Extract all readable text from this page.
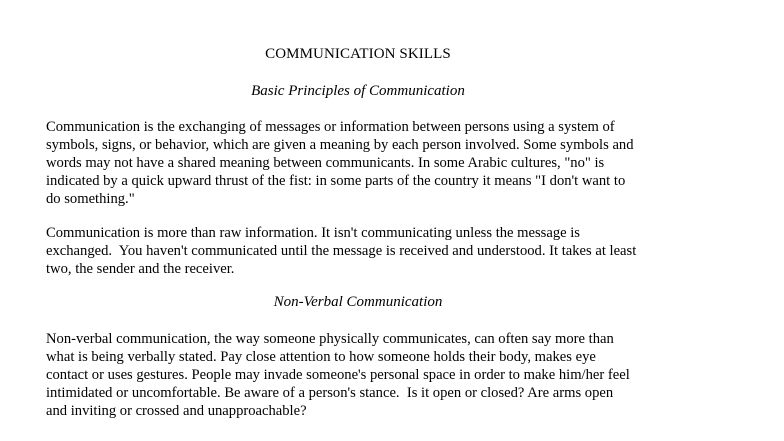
COMMUNICATION SKILLS
Basic Principles of Communication

Communication is the exchanging of messages or information between persons using a system of
symbols, signs, or behavior, which are given a meaning by each person involved. Some symbols and
words may not have a shared meaning between communicants. In some Arabic cultures, "no" is
indicated by a quick upward thrust of the fist: in some parts of the country it means "I don't want to
do something."

Communication is more than raw information. It isn't communicating unless the message is
exchanged.  You haven't communicated until the message is received and understood. It takes at least
two, the sender and the receiver.

Non-Verbal Communication

Non-verbal communication, the way someone physically communicates, can often say more than
what is being verbally stated. Pay close attention to how someone holds their body, makes eye
contact or uses gestures. People may invade someone's personal space in order to make him/her feel
intimidated or uncomfortable. Be aware of a person's stance.  Is it open or closed? Are arms open
and inviting or crossed and unapproachable?
